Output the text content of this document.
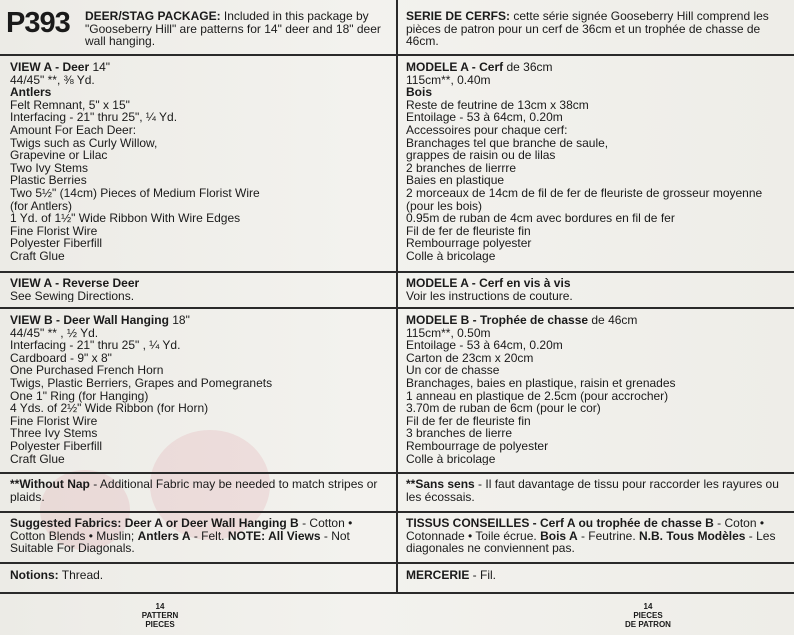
P393 DEER/STAG PACKAGE: Included in this package by "Gooseberry Hill" are patterns for 14" deer and 18" deer wall hanging.
SERIE DE CERFS: cette série signée Gooseberry Hill comprend les pièces de patron pour un cerf de 36cm et un trophée de chasse de 46cm.
VIEW A - Deer 14"
44/45" **, ⅜ Yd.
Antlers
Felt Remnant, 5" x 15"
Interfacing - 21" thru 25", ¼ Yd.
Amount For Each Deer:
Twigs such as Curly Willow,
Grapevine or Lilac
Two Ivy Stems
Plastic Berries
Two 5½" (14cm) Pieces of Medium Florist Wire
(for Antlers)
1 Yd. of 1½" Wide Ribbon With Wire Edges
Fine Florist Wire
Polyester Fiberfill
Craft Glue
MODELE A - Cerf de 36cm
115cm**, 0.40m
Bois
Reste de feutrine de 13cm x 38cm
Entoilage - 53 à 64cm, 0.20m
Accessoires pour chaque cerf:
Branchages tel que branche de saule,
grappes de raisin ou de lilas
2 branches de lierrre
Baies en plastique
2 morceaux de 14cm de fil de fer de fleuriste de grosseur moyenne
(pour les bois)
0.95m de ruban de 4cm avec bordures en fil de fer
Fil de fer de fleuriste fin
Rembourrage polyester
Colle à bricolage
VIEW A - Reverse Deer
See Sewing Directions.
MODELE A - Cerf en vis à vis
Voir les instructions de couture.
VIEW B - Deer Wall Hanging 18"
44/45" ** , ½ Yd.
Interfacing - 21" thru 25" , ¼ Yd.
Cardboard - 9" x 8"
One Purchased French Horn
Twigs, Plastic Berriers, Grapes and Pomegranets
One 1" Ring (for Hanging)
4 Yds. of 2½" Wide Ribbon (for Horn)
Fine Florist Wire
Three Ivy Stems
Polyester Fiberfill
Craft Glue
MODELE B - Trophée de chasse de 46cm
115cm**, 0.50m
Entoilage - 53 à 64cm, 0.20m
Carton de 23cm x 20cm
Un cor de chasse
Branchages, baies en plastique, raisin et grenades
1 anneau en plastique de 2.5cm (pour accrocher)
3.70m de ruban de 6cm (pour le cor)
Fil de fer de fleuriste fin
3 branches de lierre
Rembourrage de polyester
Colle à bricolage
**Without Nap - Additional Fabric may be needed to match stripes or plaids.
**Sans sens - Il faut davantage de tissu pour raccorder les rayures ou les écossais.
Suggested Fabrics: Deer A or Deer Wall Hanging B - Cotton • Cotton Blends • Muslin; Antlers A - Felt. NOTE: All Views - Not Suitable For Diagonals.
TISSUS CONSEILLES - Cerf A ou trophée de chasse B - Coton • Cotonnade • Toile écrue. Bois A - Feutrine. N.B. Tous Modèles - Les diagonales ne conviennent pas.
Notions: Thread.	MERCERIE - Fil.
14
PATTERN
PIECES
14
PIECES
DE PATRON
